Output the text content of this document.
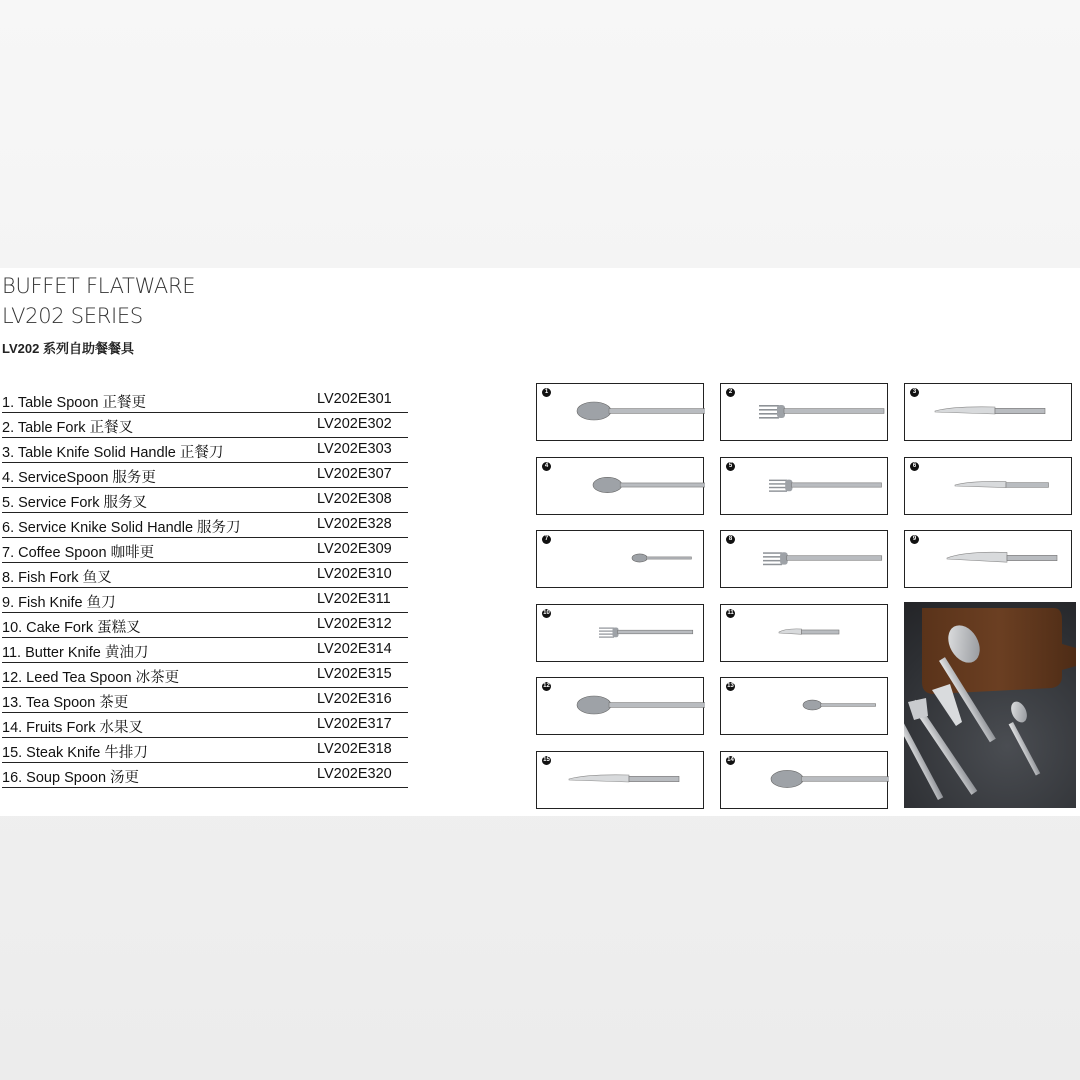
BUFFET FLATWARE
LV202 SERIES
LV202 系列自助餐餐具
1. Table Spoon 正餐更	LV202E301
2. Table Fork 正餐叉	LV202E302
3. Table Knife Solid Handle 正餐刀	LV202E303
4. ServiceSpoon 服务更	LV202E307
5. Service Fork 服务叉	LV202E308
6. Service Knike Solid Handle 服务刀	LV202E328
7. Coffee Spoon 咖啡更	LV202E309
8. Fish Fork 鱼叉	LV202E310
9. Fish Knife 鱼刀	LV202E311
10. Cake Fork 蛋糕叉	LV202E312
11. Butter Knife 黄油刀	LV202E314
12. Leed Tea Spoon 冰茶更	LV202E315
13. Tea Spoon 茶更	LV202E316
14. Fruits Fork 水果叉	LV202E317
15. Steak Knife 牛排刀	LV202E318
16. Soup Spoon 汤更	LV202E320
1	2	3
4	5	6
7	8	9
10	11
12	13
15	14
